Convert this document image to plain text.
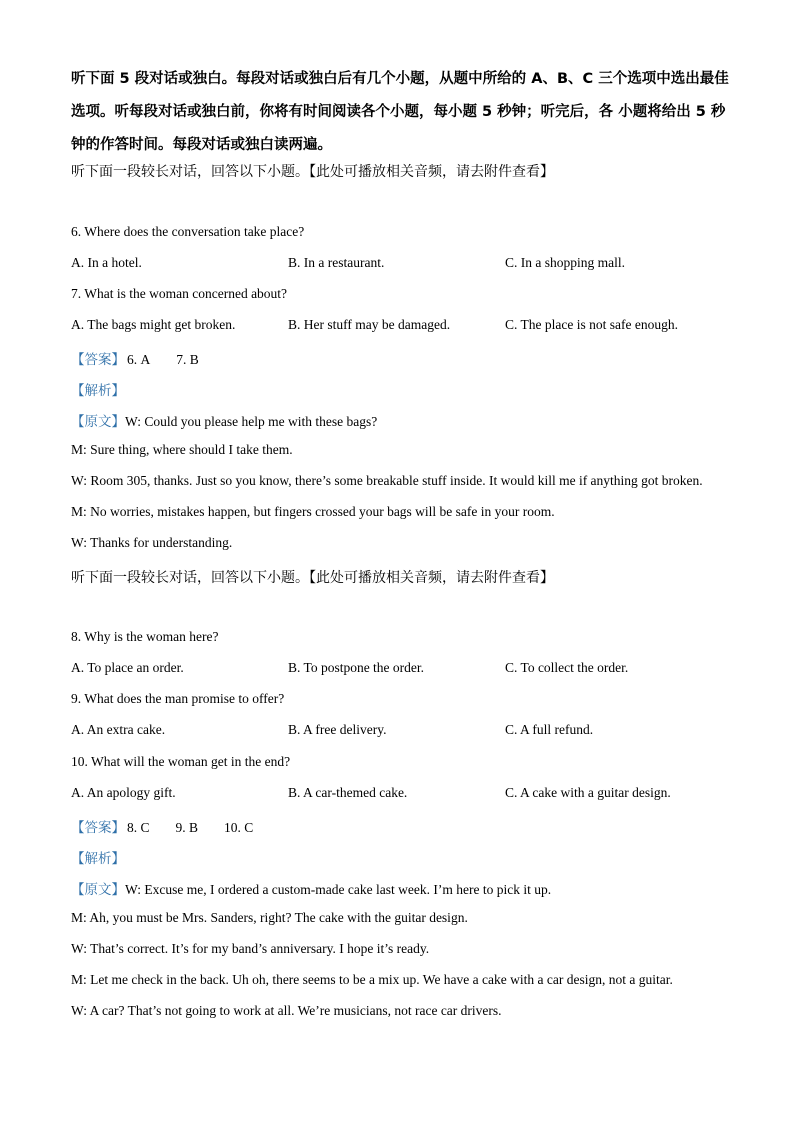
听下面 5 段对话或独白。每段对话或独白后有几个小题，从题中所给的 A、B、C 三个选项中选出最佳选项。听每段对话或独白前，你将有时间阅读各个小题，每小题 5 秒钟；听完后，各 小题将给出 5 秒钟的作答时间。每段对话或独白读两遍。

听下面一段较长对话，回答以下小题。【此处可播放相关音频，请去附件查看】
6. Where does the conversation take place?
A. In a hotel.	B. In a restaurant.	C. In a shopping mall.
7. What is the woman concerned about?
A. The bags might get broken.	B. Her stuff may be damaged.	C. The place is not safe enough.
【答案】 6. A 7. B
【解析】
【原文】W: Could you please help me with these bags?
M: Sure thing, where should I take them.
W: Room 305, thanks. Just so you know, there’s some breakable stuff inside. It would kill me if anything got broken.
M: No worries, mistakes happen, but fingers crossed your bags will be safe in your room.
W: Thanks for understanding.
听下面一段较长对话，回答以下小题。【此处可播放相关音频，请去附件查看】
8. Why is the woman here?
A. To place an order.	B. To postpone the order.	C. To collect the order.
9. What does the man promise to offer?
A. An extra cake.	B. A free delivery.	C. A full refund.
10. What will the woman get in the end?
A. An apology gift.	B. A car-themed cake.	C. A cake with a guitar design.
【答案】 8. C 9. B 10. C
【解析】
【原文】W: Excuse me, I ordered a custom-made cake last week. I’m here to pick it up.
M: Ah, you must be Mrs. Sanders, right? The cake with the guitar design.
W: That’s correct. It’s for my band’s anniversary. I hope it’s ready.
M: Let me check in the back. Uh oh, there seems to be a mix up. We have a cake with a car design, not a guitar.
W: A car? That’s not going to work at all. We’re musicians, not race car drivers.
